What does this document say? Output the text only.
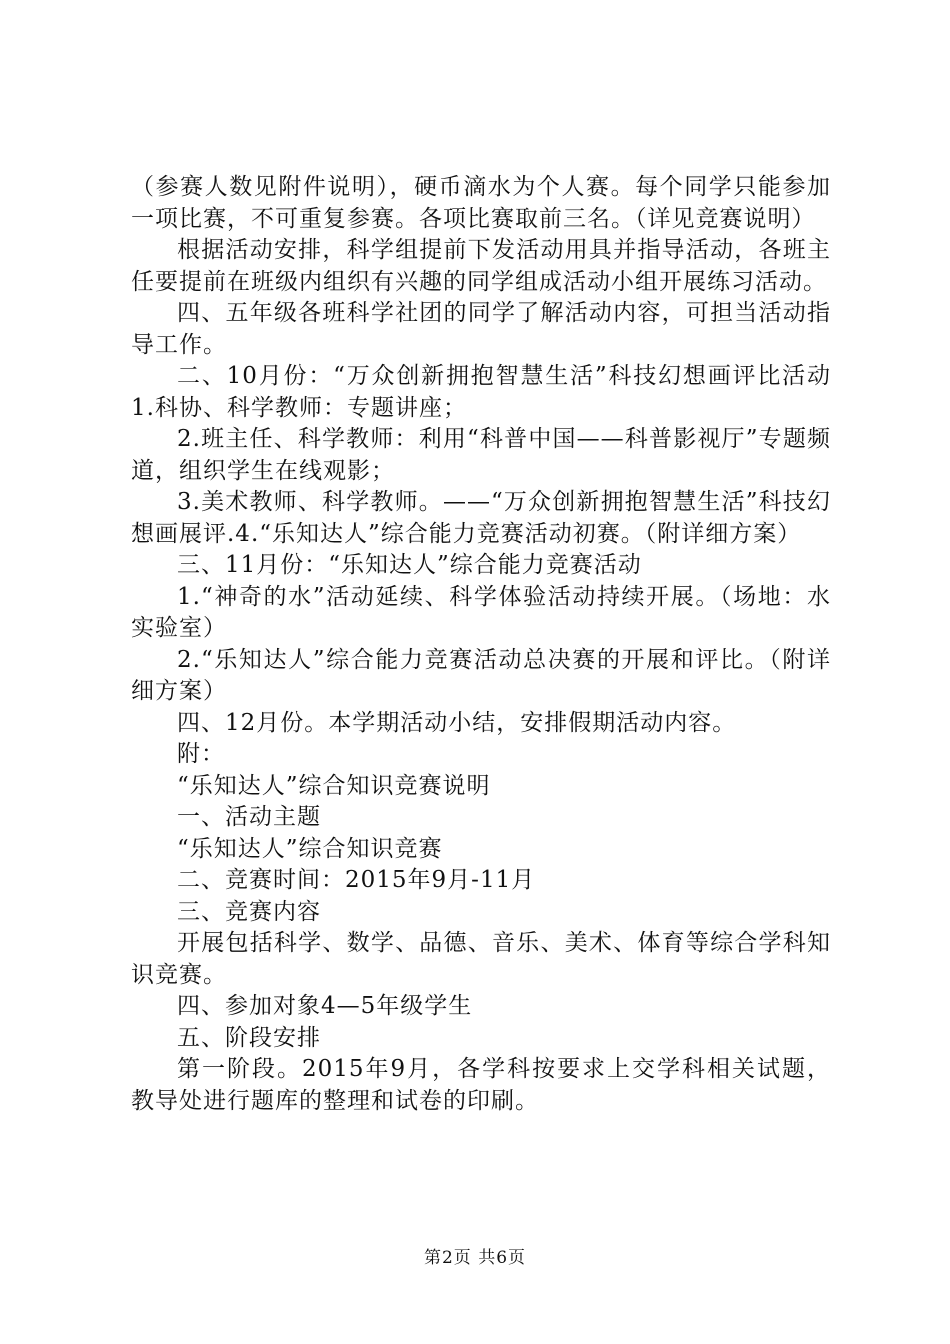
（参赛人数见附件说明），硬币滴水为个人赛。每个同学只能参加一项比赛，不可重复参赛。各项比赛取前三名。（详见竞赛说明）

根据活动安排，科学组提前下发活动用具并指导活动，各班主任要提前在班级内组织有兴趣的同学组成活动小组开展练习活动。

四、五年级各班科学社团的同学了解活动内容，可担当活动指导工作。

二、10月份：“万众创新拥抱智慧生活”科技幻想画评比活动1.科协、科学教师：专题讲座；

2.班主任、科学教师：利用“科普中国——科普影视厅”专题频道，组织学生在线观影；

3.美术教师、科学教师。——“万众创新拥抱智慧生活”科技幻想画展评.4.“乐知达人”综合能力竞赛活动初赛。（附详细方案）

三、11月份：“乐知达人”综合能力竞赛活动

1.“神奇的水”活动延续、科学体验活动持续开展。（场地：水实验室）

2.“乐知达人”综合能力竞赛活动总决赛的开展和评比。（附详细方案）

四、12月份。本学期活动小结，安排假期活动内容。

附：

“乐知达人”综合知识竞赛说明

一、活动主题

“乐知达人”综合知识竞赛

二、竞赛时间：2015年9月-11月

三、竞赛内容

开展包括科学、数学、品德、音乐、美术、体育等综合学科知识竞赛。

四、参加对象4—5年级学生

五、阶段安排

第一阶段。2015年9月，各学科按要求上交学科相关试题，教导处进行题库的整理和试卷的印刷。

第2页 共6页
